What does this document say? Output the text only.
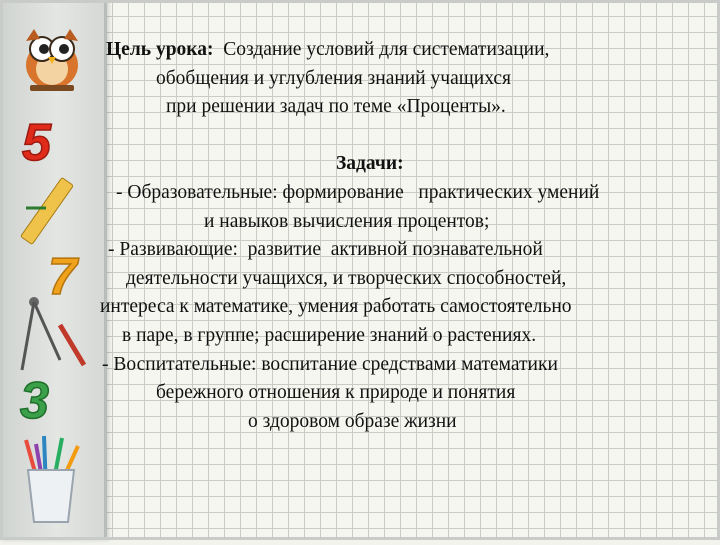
5
7
3
Цель урока: Создание условий для систематизации,
обобщения и углубления знаний учащихся
при решении задач по теме «Проценты».

Задачи:
- Образовательные: формирование   практических умений
и навыков вычисления процентов;
- Развивающие:  развитие  активной познавательной
деятельности учащихся, и творческих способностей,
интереса к математике, умения работать самостоятельно
в паре, в группе; расширение знаний о растениях.
- Воспитательные: воспитание средствами математики
бережного отношения к природе и понятия
о здоровом образе жизни
